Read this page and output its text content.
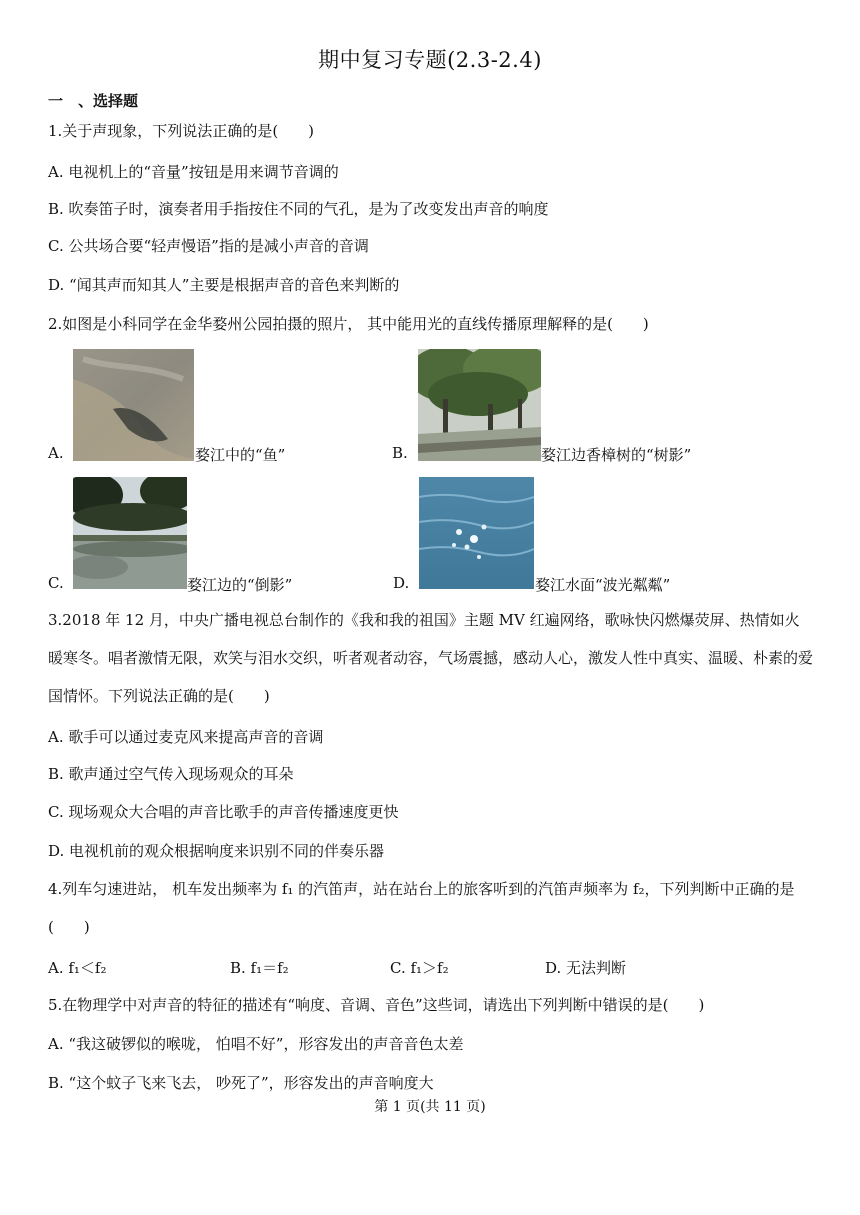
期中复习专题(2.3-2.4)
一　、选择题
1.关于声现象，下列说法正确的是(　　)
A. 电视机上的“音量”按钮是用来调节音调的
B. 吹奏笛子时，演奏者用手指按住不同的气孔，是为了改变发出声音的响度
C. 公共场合要“轻声慢语”指的是减小声音的音调
D. “闻其声而知其人”主要是根据声音的音色来判断的
2.如图是小科同学在金华婺州公园拍摄的照片， 其中能用光的直线传播原理解释的是(　　)
A.	婺江中的“鱼”	B.	婺江边香樟树的“树影”
C.	婺江边的“倒影”	D.	婺江水面“波光粼粼”
3.2018 年 12 月，中央广播电视总台制作的《我和我的祖国》主题 MV 红遍网络，歌咏快闪燃爆荧屏、热情如火暖寒冬。唱者激情无限，欢笑与泪水交织，听者观者动容，气场震撼，感动人心，激发人性中真实、温暖、朴素的爱国情怀。下列说法正确的是(　　)
A. 歌手可以通过麦克风来提高声音的音调
B. 歌声通过空气传入现场观众的耳朵
C. 现场观众大合唱的声音比歌手的声音传播速度更快
D. 电视机前的观众根据响度来识别不同的伴奏乐器
4.列车匀速进站， 机车发出频率为 f₁ 的汽笛声，站在站台上的旅客听到的汽笛声频率为 f₂，下列判断中正确的是(　　)
A. f₁＜f₂	B. f₁＝f₂	C. f₁＞f₂	D. 无法判断
5.在物理学中对声音的特征的描述有“响度、音调、音色”这些词，请选出下列判断中错误的是(　　)
A. “我这破锣似的喉咙， 怕唱不好”，形容发出的声音音色太差
B. “这个蚊子飞来飞去， 吵死了”，形容发出的声音响度大
第 1 页(共 11 页)
